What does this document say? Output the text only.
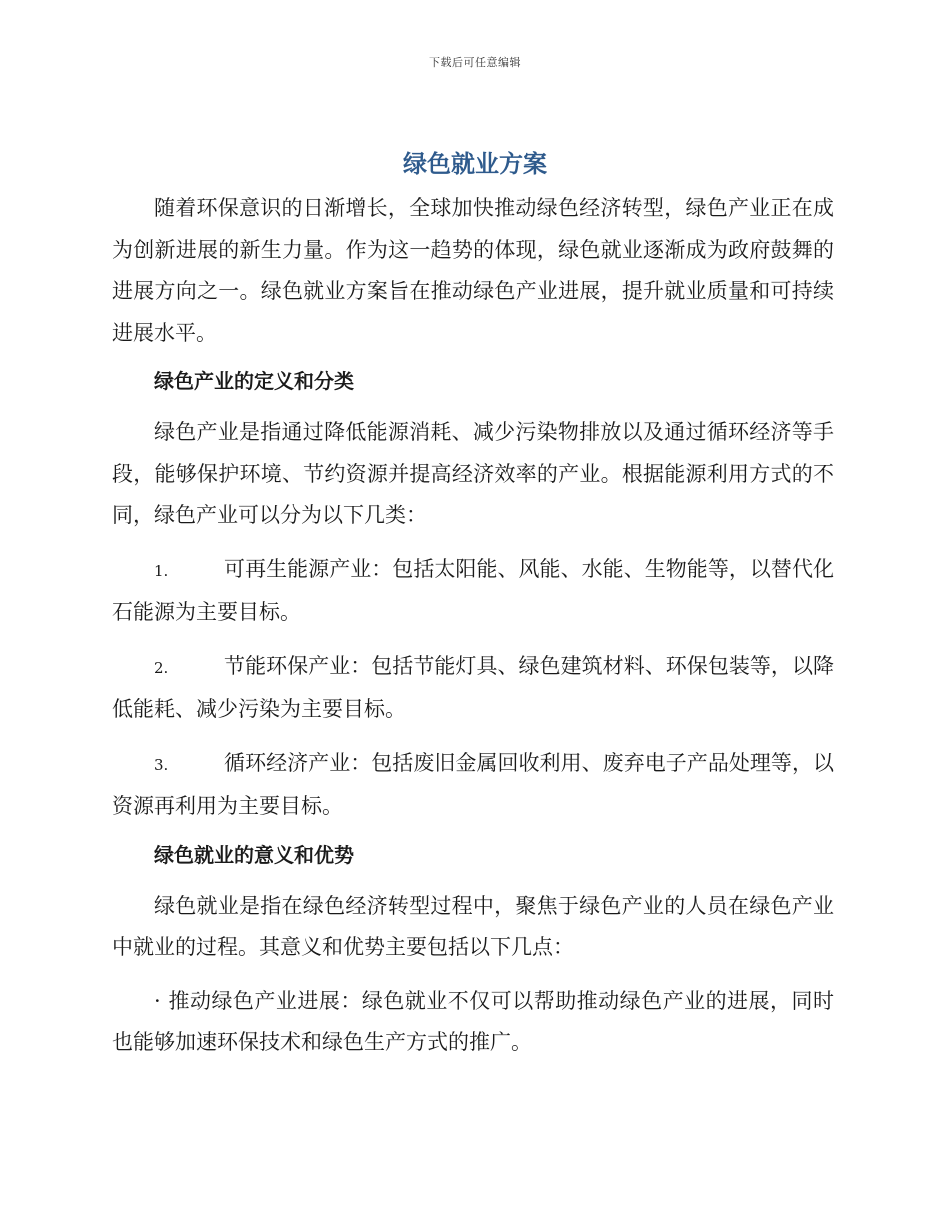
下载后可任意编辑
绿色就业方案

随着环保意识的日渐增长，全球加快推动绿色经济转型，绿色产业正在成为创新进展的新生力量。作为这一趋势的体现，绿色就业逐渐成为政府鼓舞的进展方向之一。绿色就业方案旨在推动绿色产业进展，提升就业质量和可持续进展水平。

绿色产业的定义和分类

绿色产业是指通过降低能源消耗、减少污染物排放以及通过循环经济等手段，能够保护环境、节约资源并提高经济效率的产业。根据能源利用方式的不同，绿色产业可以分为以下几类：

1.	可再生能源产业：包括太阳能、风能、水能、生物能等，以替代化石能源为主要目标。

2.	节能环保产业：包括节能灯具、绿色建筑材料、环保包装等，以降低能耗、减少污染为主要目标。

3.	循环经济产业：包括废旧金属回收利用、废弃电子产品处理等，以资源再利用为主要目标。

绿色就业的意义和优势

绿色就业是指在绿色经济转型过程中，聚焦于绿色产业的人员在绿色产业中就业的过程。其意义和优势主要包括以下几点：

· 推动绿色产业进展：绿色就业不仅可以帮助推动绿色产业的进展，同时也能够加速环保技术和绿色生产方式的推广。
